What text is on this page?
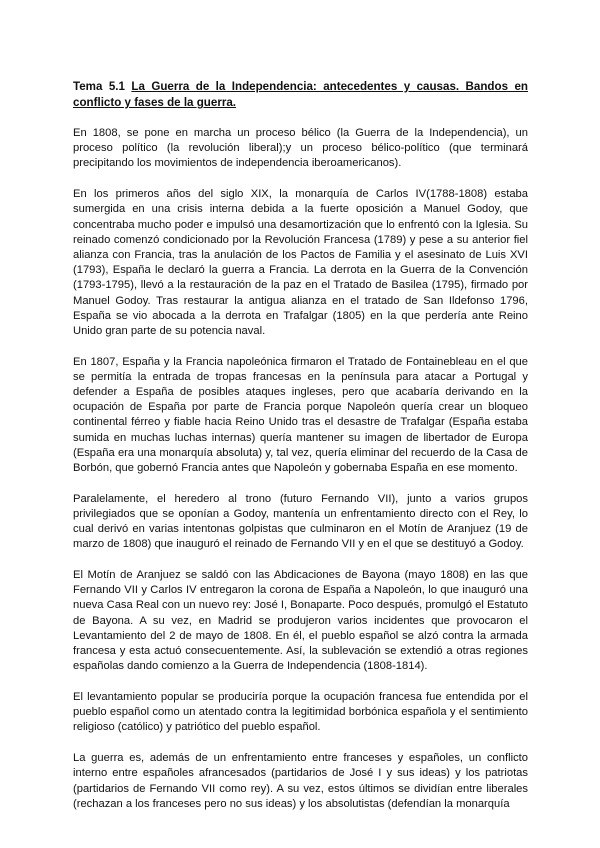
Tema 5.1 La Guerra de la Independencia: antecedentes y causas. Bandos en conflicto y fases de la guerra.

En 1808, se pone en marcha un proceso bélico (la Guerra de la Independencia), un proceso político (la revolución liberal);y un proceso bélico-político (que terminará precipitando los movimientos de independencia iberoamericanos).

En los primeros años del siglo XIX, la monarquía de Carlos IV(1788-1808) estaba sumergida en una crisis interna debida a la fuerte oposición a Manuel Godoy, que concentraba mucho poder e impulsó una desamortización que lo enfrentó con la Iglesia. Su reinado comenzó condicionado por la Revolución Francesa (1789) y pese a su anterior fiel alianza con Francia, tras la anulación de los Pactos de Familia y el asesinato de Luis XVI (1793), España le declaró la guerra a Francia. La derrota en la Guerra de la Convención (1793-1795), llevó a la restauración de la paz en el Tratado de Basilea (1795), firmado por Manuel Godoy. Tras restaurar la antigua alianza en el tratado de San Ildefonso 1796, España se vio abocada a la derrota en Trafalgar (1805) en la que perdería ante Reino Unido gran parte de su potencia naval.

En 1807, España y la Francia napoleónica firmaron el Tratado de Fontainebleau en el que se permitía la entrada de tropas francesas en la península para atacar a Portugal y defender a España de posibles ataques ingleses, pero que acabaría derivando en la ocupación de España por parte de Francia porque Napoleón quería crear un bloqueo continental férreo y fiable hacia Reino Unido tras el desastre de Trafalgar (España estaba sumida en muchas luchas internas) quería mantener su imagen de libertador de Europa (España era una monarquía absoluta) y, tal vez, quería eliminar del recuerdo de la Casa de Borbón, que gobernó Francia antes que Napoleón y gobernaba España en ese momento.

Paralelamente, el heredero al trono (futuro Fernando VII), junto a varios grupos privilegiados que se oponían a Godoy, mantenía un enfrentamiento directo con el Rey, lo cual derivó en varias intentonas golpistas que culminaron en el Motín de Aranjuez (19 de marzo de 1808) que inauguró el reinado de Fernando VII y en el que se destituyó a Godoy.

El Motín de Aranjuez se saldó con las Abdicaciones de Bayona (mayo 1808) en las que Fernando VII y Carlos IV entregaron la corona de España a Napoleón, lo que inauguró una nueva Casa Real con un nuevo rey: José I, Bonaparte. Poco después, promulgó el Estatuto de Bayona. A su vez, en Madrid se produjeron varios incidentes que provocaron el Levantamiento del 2 de mayo de 1808. En él, el pueblo español se alzó contra la armada francesa y esta actuó consecuentemente. Así, la sublevación se extendió a otras regiones españolas dando comienzo a la Guerra de Independencia (1808-1814).

El levantamiento popular se produciría porque la ocupación francesa fue entendida por el pueblo español como un atentado contra la legitimidad borbónica española y el sentimiento religioso (católico) y patriótico del pueblo español.

La guerra es, además de un enfrentamiento entre franceses y españoles, un conflicto interno entre españoles afrancesados (partidarios de José I y sus ideas) y los patriotas (partidarios de Fernando VII como rey). A su vez, estos últimos se dividían entre liberales (rechazan a los franceses pero no sus ideas) y los absolutistas (defendían la monarquía
